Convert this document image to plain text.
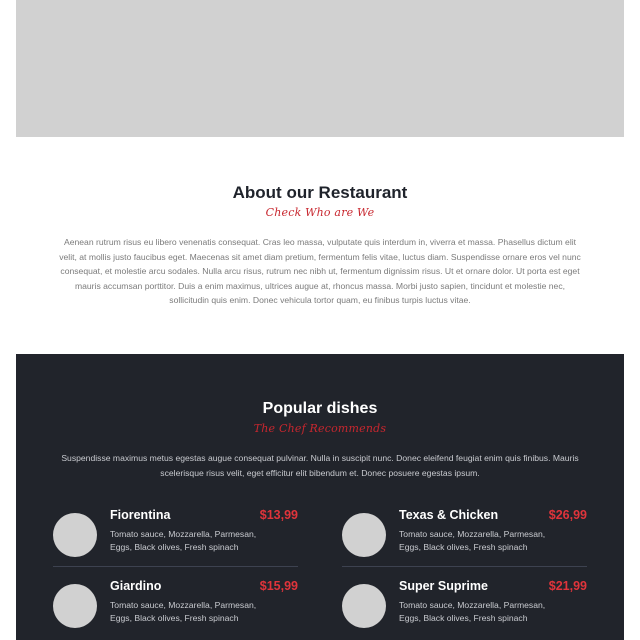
About our Restaurant
Check Who are We
Aenean rutrum risus eu libero venenatis consequat. Cras leo massa, vulputate quis interdum in, viverra et massa. Phasellus dictum elit velit, at mollis justo faucibus eget. Maecenas sit amet diam pretium, fermentum felis vitae, luctus diam. Suspendisse ornare eros vel nunc consequat, et molestie arcu sodales. Nulla arcu risus, rutrum nec nibh ut, fermentum dignissim risus. Ut et ornare dolor. Ut porta est eget mauris accumsan porttitor. Duis a enim maximus, ultrices augue at, rhoncus massa. Morbi justo sapien, tincidunt et molestie nec, sollicitudin quis enim. Donec vehicula tortor quam, eu finibus turpis luctus vitae.
Popular dishes
The Chef Recommends
Suspendisse maximus metus egestas augue consequat pulvinar. Nulla in suscipit nunc. Donec eleifend feugiat enim quis finibus. Mauris scelerisque risus velit, eget efficitur elit bibendum et. Donec posuere egestas ipsum.
Fiorentina	$13,99
Tomato sauce, Mozzarella, Parmesan, Eggs, Black olives, Fresh spinach
Texas & Chicken	$26,99
Tomato sauce, Mozzarella, Parmesan, Eggs, Black olives, Fresh spinach
Giardino	$15,99
Tomato sauce, Mozzarella, Parmesan, Eggs, Black olives, Fresh spinach
Super Suprime	$21,99
Tomato sauce, Mozzarella, Parmesan, Eggs, Black olives, Fresh spinach
